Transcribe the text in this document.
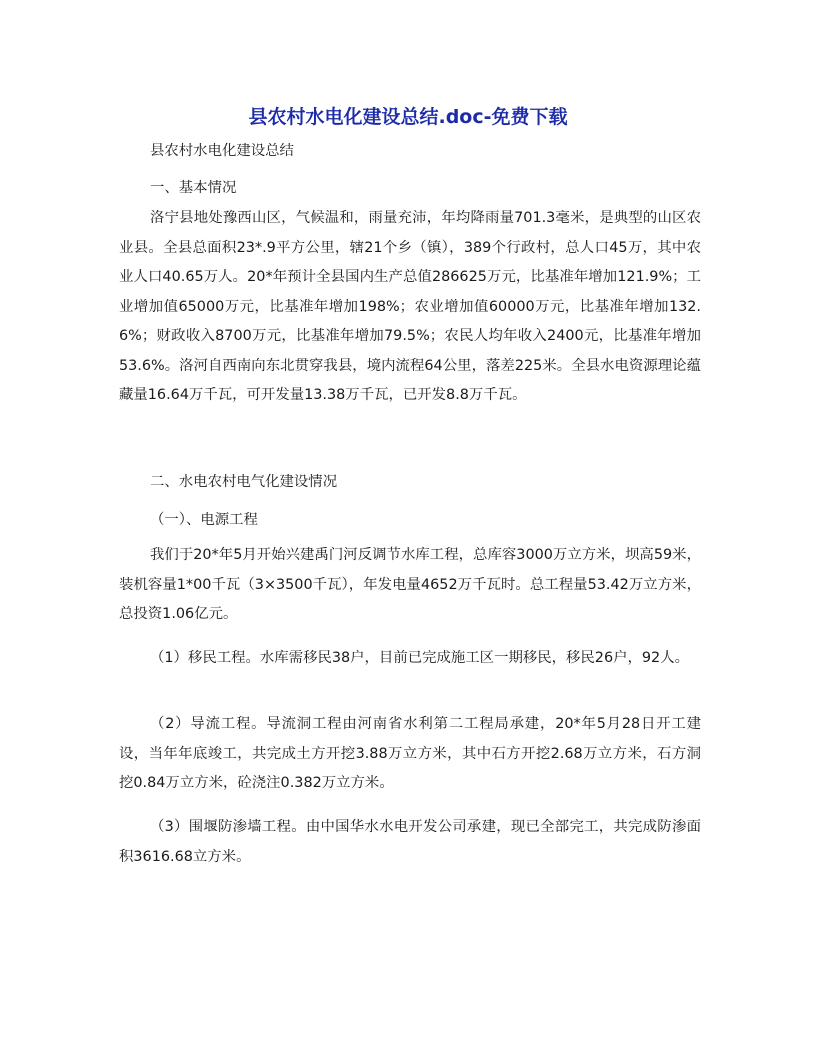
县农村水电化建设总结.doc-免费下载
县农村水电化建设总结
一、基本情况
洛宁县地处豫西山区，气候温和，雨量充沛，年均降雨量701.3毫米，是典型的山区农业县。全县总面积23*.9平方公里，辖21个乡（镇），389个行政村，总人口45万，其中农业人口40.65万人。20*年预计全县国内生产总值286625万元，比基准年增加121.9%；工业增加值65000万元，比基准年增加198%；农业增加值60000万元，比基准年增加132.6%；财政收入8700万元，比基准年增加79.5%；农民人均年收入2400元，比基准年增加53.6%。洛河自西南向东北贯穿我县，境内流程64公里，落差225米。全县水电资源理论蕴藏量16.64万千瓦，可开发量13.38万千瓦，已开发8.8万千瓦。
二、水电农村电气化建设情况
（一）、电源工程
我们于20*年5月开始兴建禹门河反调节水库工程，总库容3000万立方米，坝高59米，装机容量1*00千瓦（3×3500千瓦），年发电量4652万千瓦时。总工程量53.42万立方米，总投资1.06亿元。
（1）移民工程。水库需移民38户，目前已完成施工区一期移民，移民26户，92人。
（2）导流工程。导流洞工程由河南省水利第二工程局承建，20*年5月28日开工建设，当年年底竣工，共完成土方开挖3.88万立方米，其中石方开挖2.68万立方米，石方洞挖0.84万立方米，砼浇注0.382万立方米。
（3）围堰防渗墙工程。由中国华水水电开发公司承建，现已全部完工，共完成防渗面积3616.68立方米。
